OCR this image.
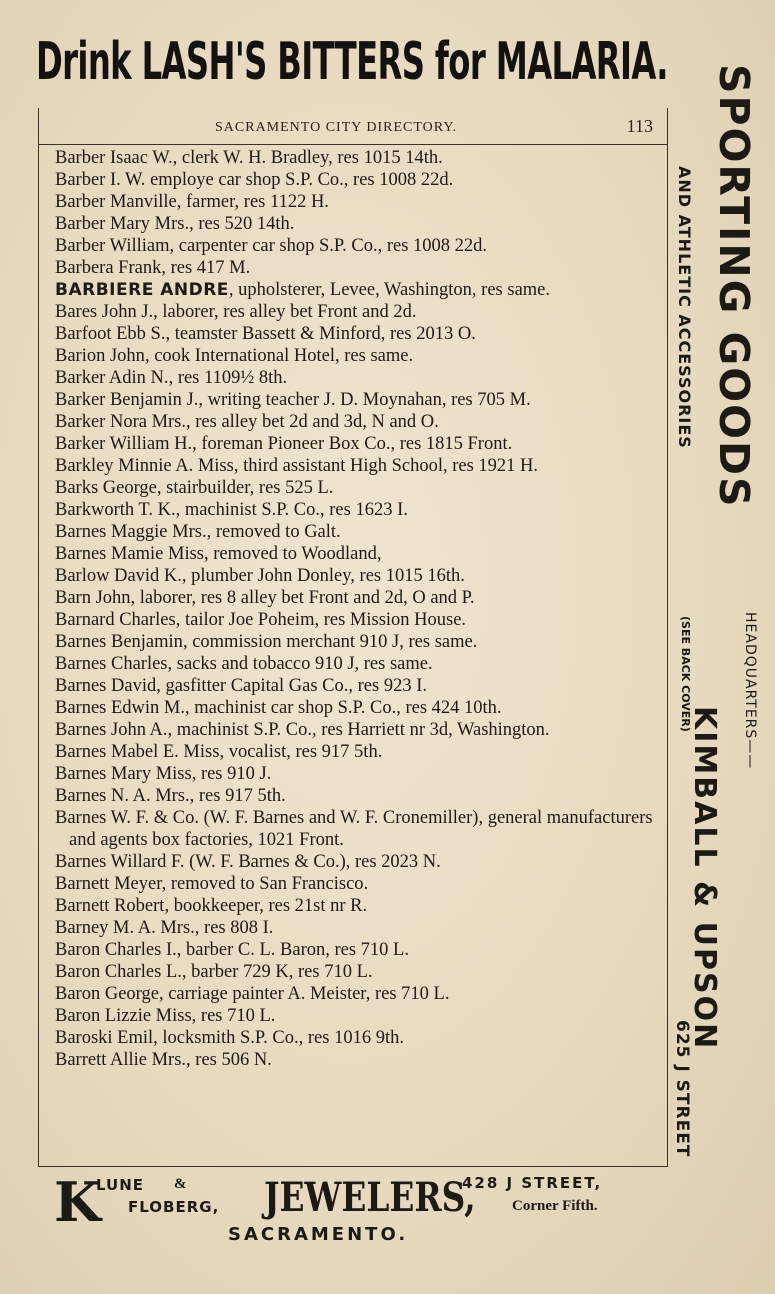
Drink LASH'S BITTERS for MALARIA.
SACRAMENTO CITY DIRECTORY.	113

Barber Isaac W., clerk W. H. Bradley, res 1015 14th.

Barber I. W. employe car shop S.P. Co., res 1008 22d.

Barber Manville, farmer, res 1122 H.

Barber Mary Mrs., res 520 14th.

Barber William, carpenter car shop S.P. Co., res 1008 22d.

Barbera Frank, res 417 M.

BARBIERE ANDRE, upholsterer, Levee, Washington, res same.

Bares John J., laborer, res alley bet Front and 2d.

Barfoot Ebb S., teamster Bassett & Minford, res 2013 O.

Barion John, cook International Hotel, res same.

Barker Adin N., res 1109½ 8th.

Barker Benjamin J., writing teacher J. D. Moynahan, res 705 M.

Barker Nora Mrs., res alley bet 2d and 3d, N and O.

Barker William H., foreman Pioneer Box Co., res 1815 Front.

Barkley Minnie A. Miss, third assistant High School, res 1921 H.

Barks George, stairbuilder, res 525 L.

Barkworth T. K., machinist S.P. Co., res 1623 I.

Barnes Maggie Mrs., removed to Galt.

Barnes Mamie Miss, removed to Woodland,

Barlow David K., plumber John Donley, res 1015 16th.

Barn John, laborer, res 8 alley bet Front and 2d, O and P.

Barnard Charles, tailor Joe Poheim, res Mission House.

Barnes Benjamin, commission merchant 910 J, res same.

Barnes Charles, sacks and tobacco 910 J, res same.

Barnes David, gasfitter Capital Gas Co., res 923 I.

Barnes Edwin M., machinist car shop S.P. Co., res 424 10th.

Barnes John A., machinist S.P. Co., res Harriett nr 3d, Washington.

Barnes Mabel E. Miss, vocalist, res 917 5th.

Barnes Mary Miss, res 910 J.

Barnes N. A. Mrs., res 917 5th.

Barnes W. F. & Co. (W. F. Barnes and W. F. Cronemiller), general manufacturers and agents box factories, 1021 Front.

Barnes Willard F. (W. F. Barnes & Co.), res 2023 N.

Barnett Meyer, removed to San Francisco.

Barnett Robert, bookkeeper, res 21st nr R.

Barney M. A. Mrs., res 808 I.

Baron Charles I., barber C. L. Baron, res 710 L.

Baron Charles L., barber 729 K, res 710 L.

Baron George, carriage painter A. Meister, res 710 L.

Baron Lizzie Miss, res 710 L.

Baroski Emil, locksmith S.P. Co., res 1016 9th.

Barrett Allie Mrs., res 506 N.

SPORTING GOODS
AND ATHLETIC ACCESSORIES
HEADQUARTERS——
(SEE BACK COVER)
KIMBALL & UPSON
625 J STREET
K
LUNE &
FLOBERG, JEWELERS,
428 J STREET,
Corner Fifth.
SACRAMENTO.
